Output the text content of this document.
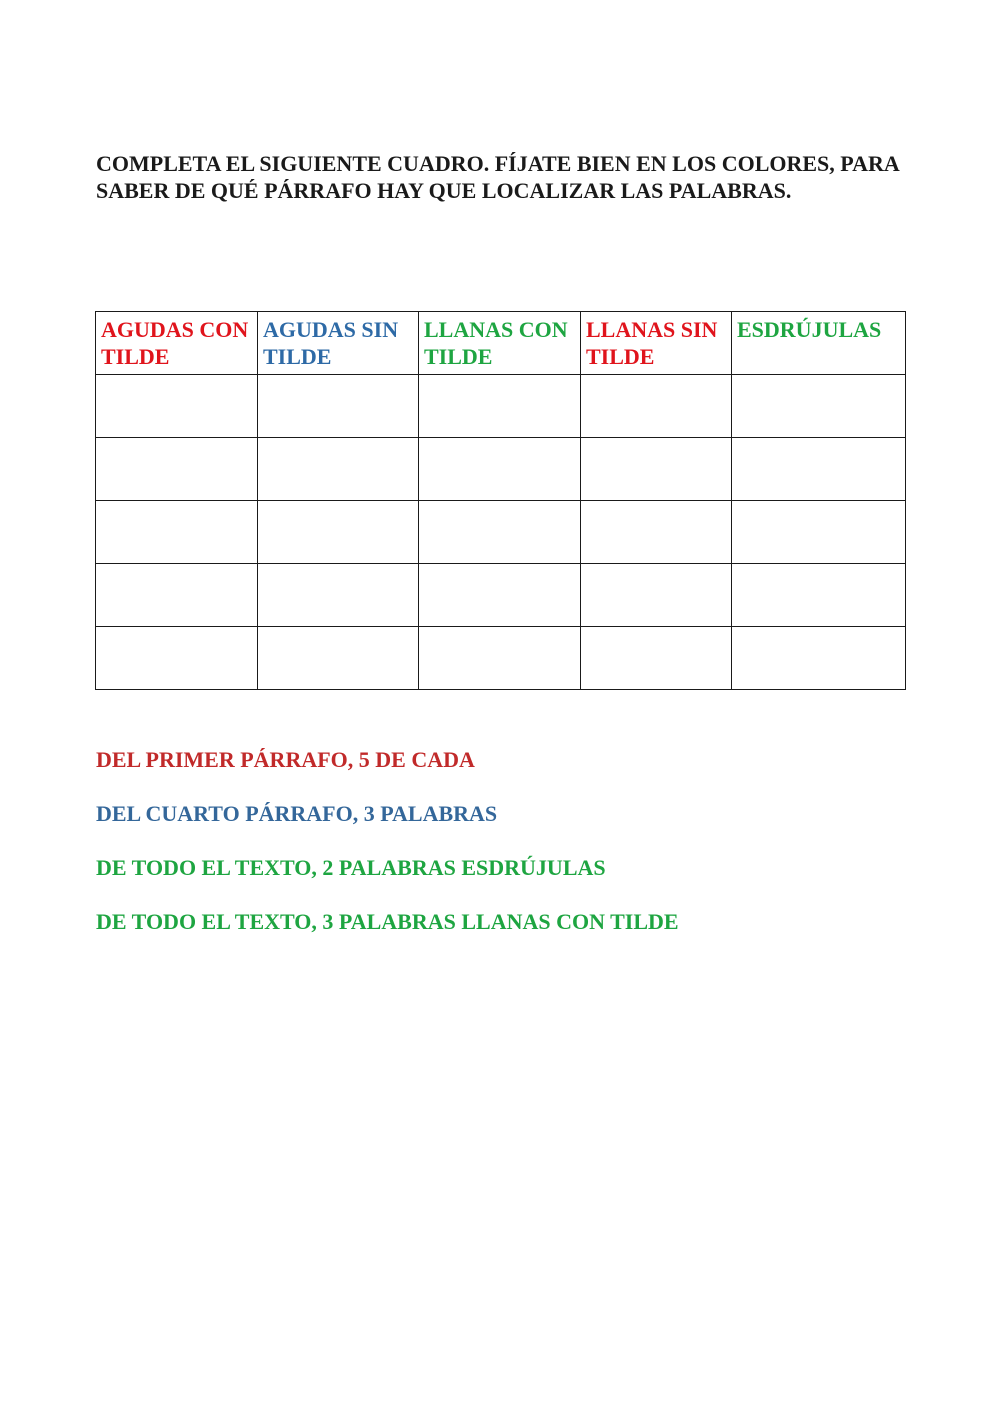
COMPLETA EL SIGUIENTE CUADRO. FÍJATE BIEN EN LOS COLORES, PARA SABER DE QUÉ PÁRRAFO HAY QUE LOCALIZAR LAS PALABRAS.

AGUDAS CON TILDE	AGUDAS SIN TILDE	LLANAS CON TILDE	LLANAS SIN TILDE	ESDRÚJULAS

DEL PRIMER PÁRRAFO, 5 DE CADA
DEL CUARTO PÁRRAFO, 3 PALABRAS
DE TODO EL TEXTO, 2 PALABRAS ESDRÚJULAS
DE TODO EL TEXTO, 3 PALABRAS LLANAS CON TILDE
